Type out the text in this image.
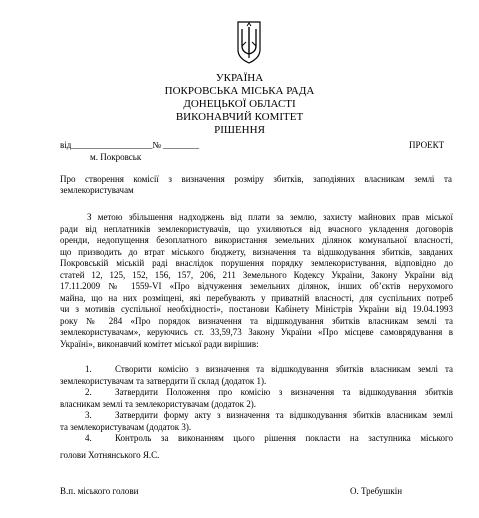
УКРАЇНА
ПОКРОВСЬКА МІСЬКА РАДА
ДОНЕЦЬКОЇ ОБЛАСТІ
ВИКОНАВЧИЙ КОМІТЕТ
РІШЕННЯ
від__________________№ ________	ПРОЕКТ
м. Покровськ
Про створення комісії з визначення розміру збитків, заподіяних власникам землі та
землекористувачам
З метою збільшення надходжень від плати за землю, захисту майнових прав міської
ради від неплатників землекористувачів, що ухиляються від вчасного укладення договорів
оренди, недопущення безоплатного використання земельних ділянок комунальної власності,
що призводить до втрат міського бюджету, визначення та відшкодування збитків, завданих
Покровській міській раді внаслідок порушення порядку землекористування, відповідно до
статей 12, 125, 152, 156, 157, 206, 211 Земельного Кодексу України, Закону України від
17.11.2009 № 1559-VI «Про відчуження земельних ділянок, інших об’єктів нерухомого
майна, що на них розміщені, які перебувають у приватній власності, для суспільних потреб
чи з мотивів суспільної необхідності», постанови Кабінету Міністрів України від 19.04.1993
року № 284 «Про порядок визначення та відшкодування збитків власникам землі та
землекористувачам», керуючись ст. 33,59,73 Закону України «Про місцеве самоврядування в
Україні», виконавчий комітет міської ради вирішив:
1.	Створити комісію з визначення та відшкодування збитків власникам землі та
землекористувачам та затвердити її склад (додаток 1).
2.	Затвердити Положення про комісію з визначення та відшкодування збитків
власникам землі та землекористувачам (додаток 2).
3.	Затвердити форму акту з визначення та відшкодування збитків власникам землі
та землекористувачам (додаток 3).
4.	Контроль за виконанням цього рішення покласти на заступника міського
голови Хотнянського Я.С.
В.п. міського голови	О. Требушкін
